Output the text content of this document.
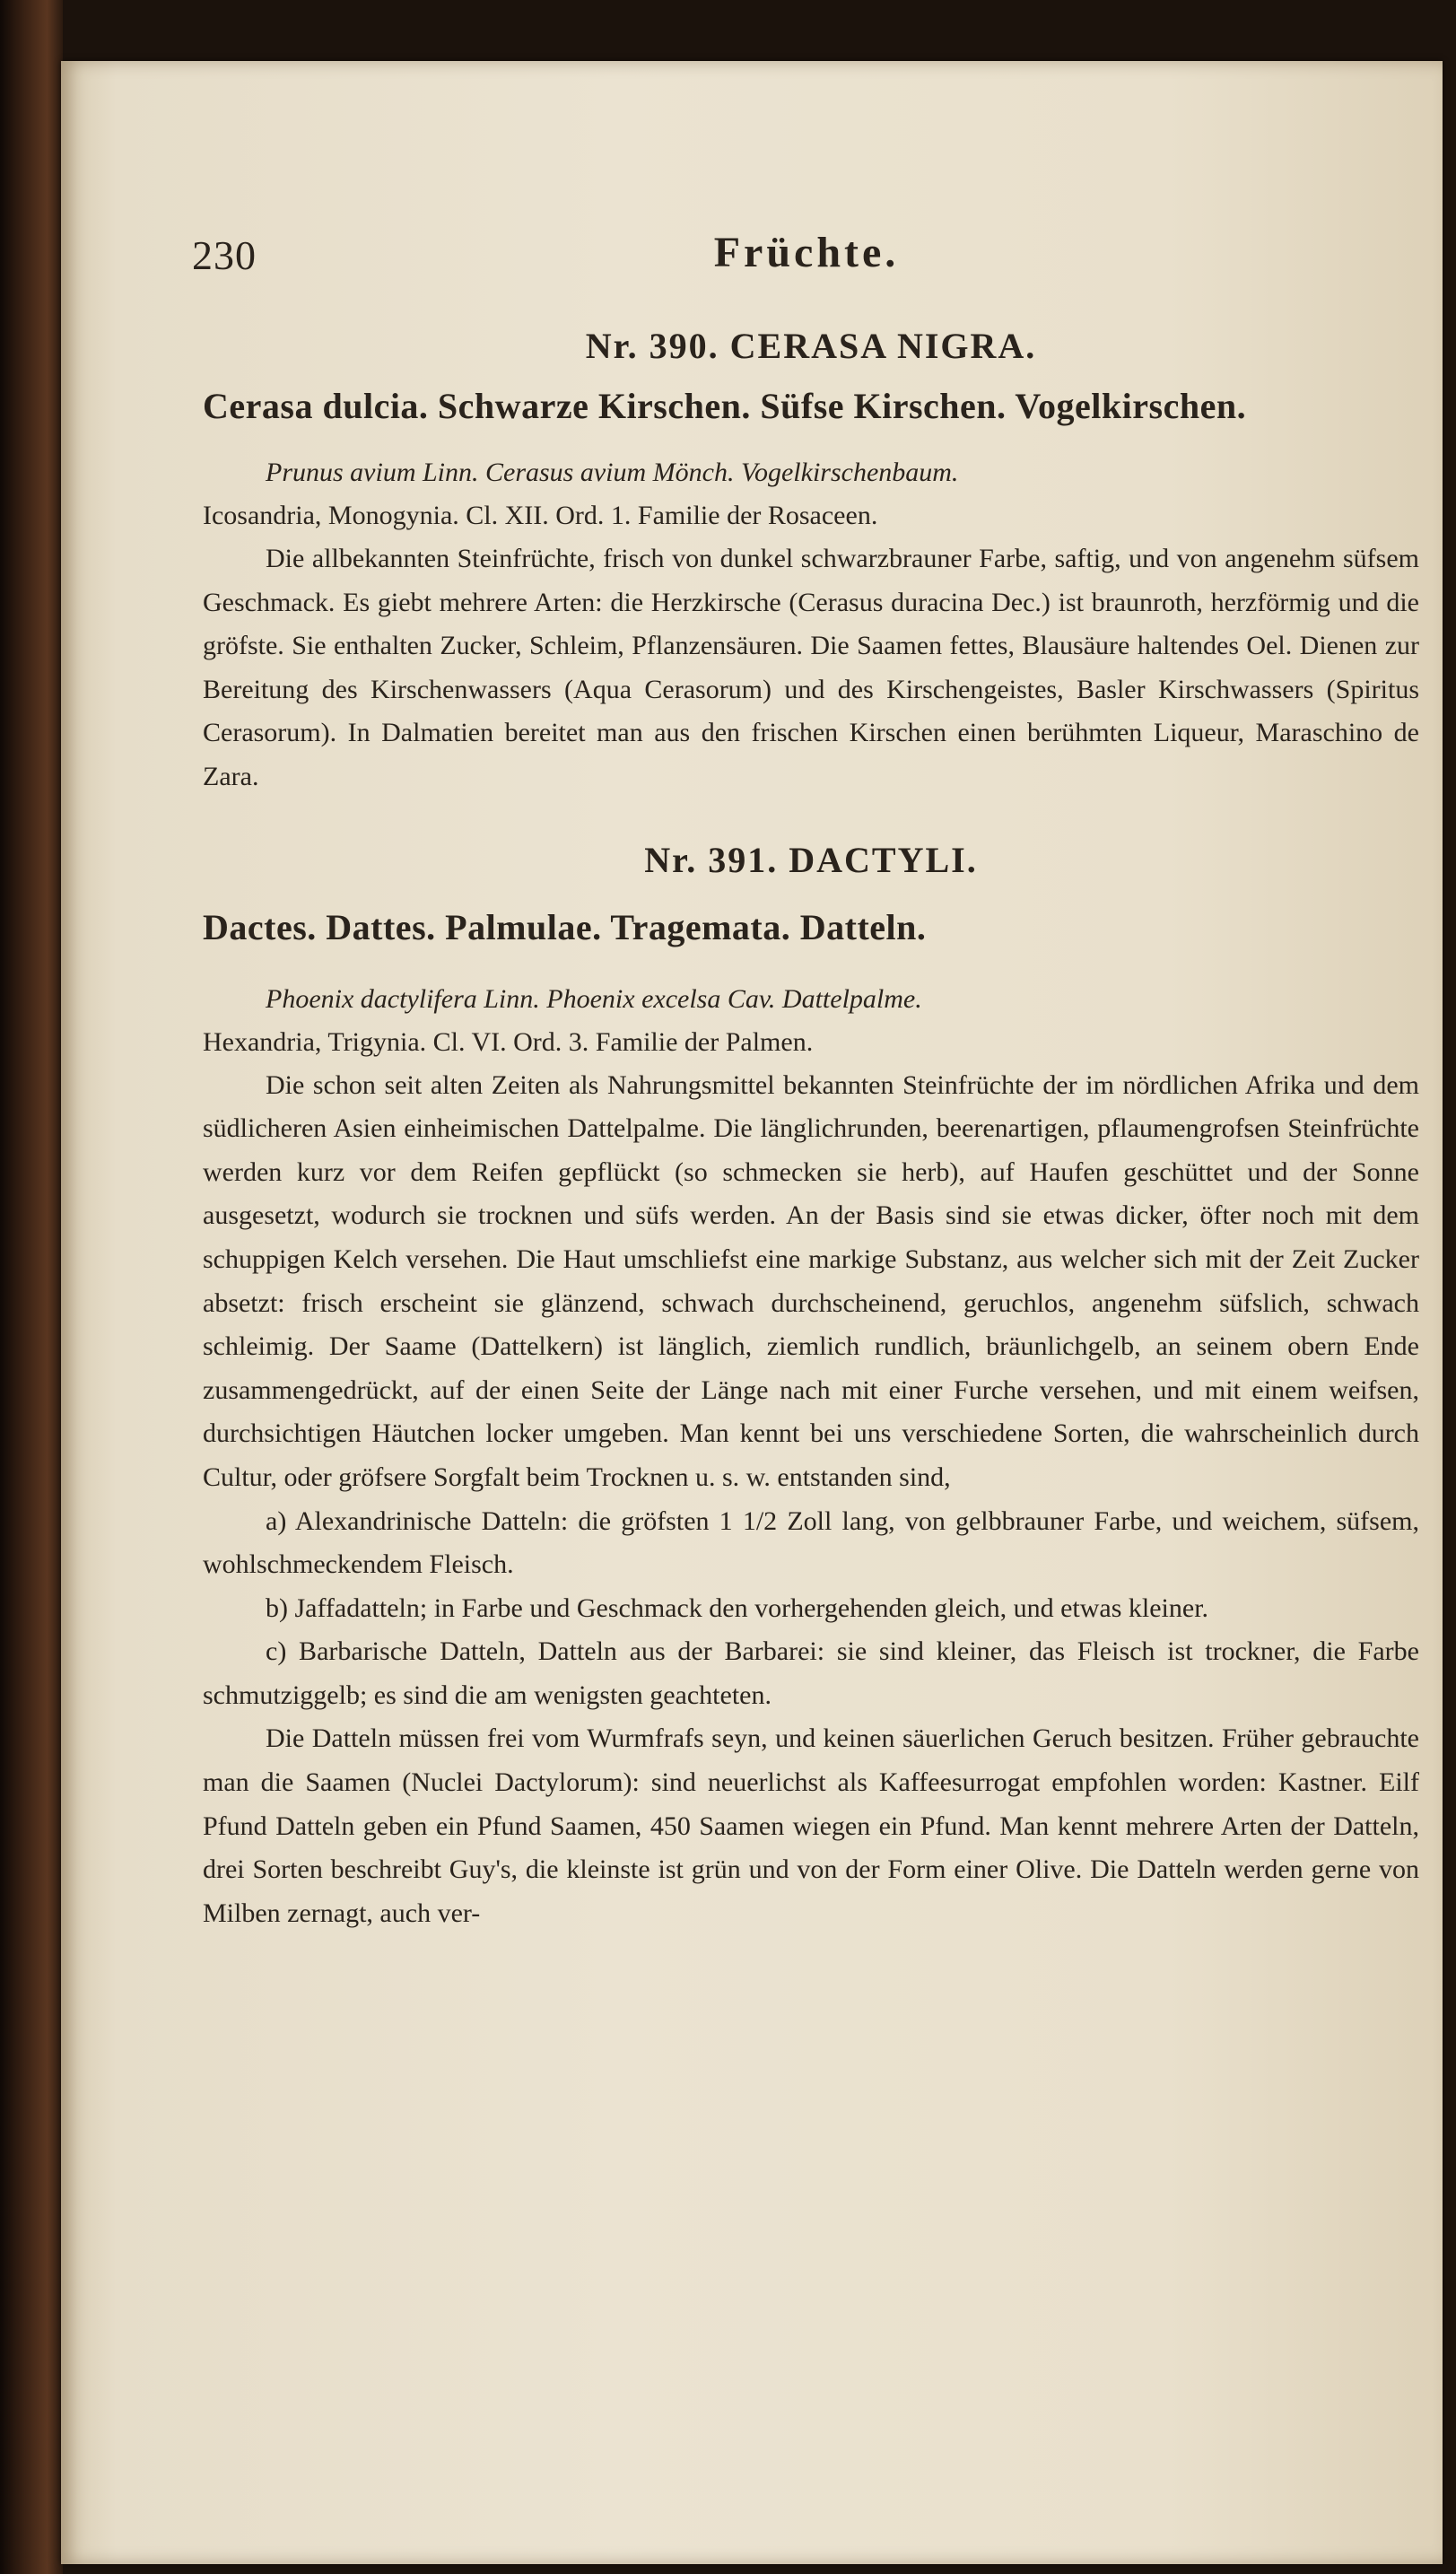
230	Früchte.
Nr. 390. CERASA NIGRA.

Cerasa dulcia. Schwarze Kirschen. Süfse Kirschen. Vogelkirschen.

Prunus avium Linn. Cerasus avium Mönch. Vogelkirschenbaum.

Icosandria, Monogynia. Cl. XII. Ord. 1. Familie der Rosaceen.

Die allbekannten Steinfrüchte, frisch von dunkel schwarzbrauner Farbe, saftig, und von angenehm süfsem Geschmack. Es giebt mehrere Arten: die Herzkirsche (Cerasus duracina Dec.) ist braunroth, herzförmig und die gröfste. Sie enthalten Zucker, Schleim, Pflanzensäuren. Die Saamen fettes, Blausäure haltendes Oel. Dienen zur Bereitung des Kirschenwassers (Aqua Cerasorum) und des Kirschengeistes, Basler Kirschwassers (Spiritus Cerasorum). In Dalmatien bereitet man aus den frischen Kirschen einen berühmten Liqueur, Maraschino de Zara.

Nr. 391. DACTYLI.

Dactes. Dattes. Palmulae. Tragemata. Datteln.

Phoenix dactylifera Linn. Phoenix excelsa Cav. Dattelpalme.

Hexandria, Trigynia. Cl. VI. Ord. 3. Familie der Palmen.

Die schon seit alten Zeiten als Nahrungsmittel bekannten Steinfrüchte der im nördlichen Afrika und dem südlicheren Asien einheimischen Dattelpalme. Die länglichrunden, beerenartigen, pflaumengrofsen Steinfrüchte werden kurz vor dem Reifen gepflückt (so schmecken sie herb), auf Haufen geschüttet und der Sonne ausgesetzt, wodurch sie trocknen und süfs werden. An der Basis sind sie etwas dicker, öfter noch mit dem schuppigen Kelch versehen. Die Haut umschliefst eine markige Substanz, aus welcher sich mit der Zeit Zucker absetzt: frisch erscheint sie glänzend, schwach durchscheinend, geruchlos, angenehm süfslich, schwach schleimig. Der Saame (Dattelkern) ist länglich, ziemlich rundlich, bräunlichgelb, an seinem obern Ende zusammengedrückt, auf der einen Seite der Länge nach mit einer Furche versehen, und mit einem weifsen, durchsichtigen Häutchen locker umgeben. Man kennt bei uns verschiedene Sorten, die wahrscheinlich durch Cultur, oder gröfsere Sorgfalt beim Trocknen u. s. w. entstanden sind,

a) Alexandrinische Datteln: die gröfsten 1 1/2 Zoll lang, von gelbbrauner Farbe, und weichem, süfsem, wohlschmeckendem Fleisch.

b) Jaffadatteln; in Farbe und Geschmack den vorhergehenden gleich, und etwas kleiner.

c) Barbarische Datteln, Datteln aus der Barbarei: sie sind kleiner, das Fleisch ist trockner, die Farbe schmutziggelb; es sind die am wenigsten geachteten.

Die Datteln müssen frei vom Wurmfrafs seyn, und keinen säuerlichen Geruch besitzen. Früher gebrauchte man die Saamen (Nuclei Dactylorum): sind neuerlichst als Kaffeesurrogat empfohlen worden: Kastner. Eilf Pfund Datteln geben ein Pfund Saamen, 450 Saamen wiegen ein Pfund. Man kennt mehrere Arten der Datteln, drei Sorten beschreibt Guy's, die kleinste ist grün und von der Form einer Olive. Die Datteln werden gerne von Milben zernagt, auch ver-
